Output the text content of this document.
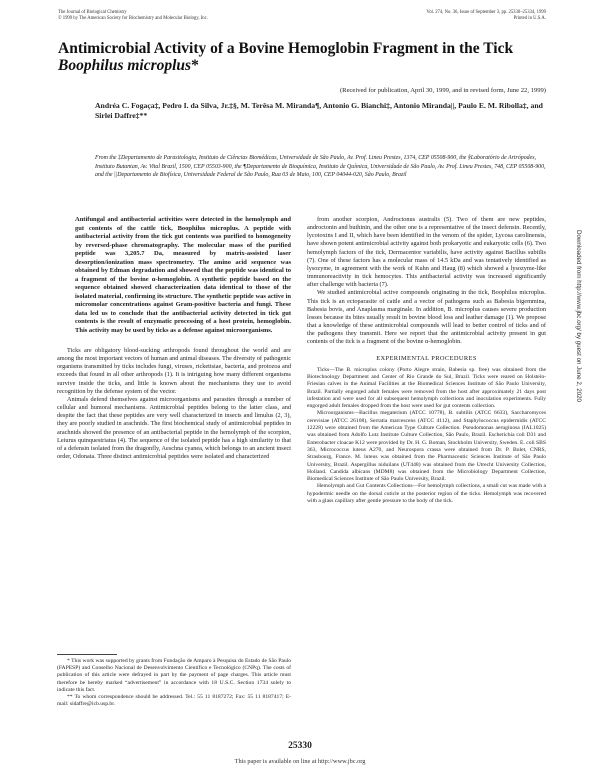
The Journal of Biological Chemistry
© 1999 by The American Society for Biochemistry and Molecular Biology, Inc.
Vol. 274, No. 36, Issue of September 3, pp. 25330–25334, 1999
Printed in U.S.A.
Antimicrobial Activity of a Bovine Hemoglobin Fragment in the Tick Boophilus microplus*
(Received for publication, April 30, 1999, and in revised form, June 22, 1999)
Andréa C. Fogaça‡, Pedro I. da Silva, Jr.‡§, M. Terêsa M. Miranda¶, Antonio G. Bianchi‡, Antonio Miranda||, Paulo E. M. Ribolla‡, and Sirlei Daffre‡**
From the ‡Departamento de Parasitologia, Instituto de Ciências Biomédicas, Universidade de São Paulo, Av. Prof. Lineu Prestes, 1374, CEP 05508-900, the §Laboratório de Artrópodes, Instituto Butantan, Av. Vital Brazil, 1500, CEP 05503-900, the ¶Departamento de Bioquímica, Instituto de Química, Universidade de São Paulo, Av. Prof. Lineu Prestes, 748, CEP 05508-900, and the ||Departamento de Biofísica, Universidade Federal de São Paulo, Rua 03 de Maio, 100, CEP 04044-020, São Paulo, Brazil
Antifungal and antibacterial activities were detected in the hemolymph and gut contents of the cattle tick, Boophilus microplus. A peptide with antibacterial activity from the tick gut contents was purified to homogeneity by reversed-phase chromatography. The molecular mass of the purified peptide was 3,205.7 Da, measured by matrix-assisted laser desorption/ionization mass spectrometry. The amino acid sequence was obtained by Edman degradation and showed that the peptide was identical to a fragment of the bovine α-hemoglobin. A synthetic peptide based on the sequence obtained showed characterization data identical to those of the isolated material, confirming its structure. The synthetic peptide was active in micromolar concentrations against Gram-positive bacteria and fungi. These data led us to conclude that the antibacterial activity detected in tick gut contents is the result of enzymatic processing of a host protein, hemoglobin. This activity may be used by ticks as a defense against microorganisms.

Ticks are obligatory blood-sucking arthropods found throughout the world and are among the most important vectors of human and animal diseases. The diversity of pathogenic organisms transmitted by ticks includes fungi, viruses, rickettsiae, bacteria, and protozoa and exceeds that found in all other arthropods (1). It is intriguing how many different organisms survive inside the ticks, and little is known about the mechanisms they use to avoid recognition by the defense system of the vector.

Animals defend themselves against microorganisms and parasites through a number of cellular and humoral mechanisms. Antimicrobial peptides belong to the latter class, and despite the fact that these peptides are very well characterized in insects and limulus (2, 3), they are poorly studied in arachnids. The first biochemical study of antimicrobial peptides in arachnids showed the presence of an antibacterial peptide in the hemolymph of the scorpion, Leiurus quinquestriatus (4). The sequence of the isolated peptide has a high similarity to that of a defensin isolated from the dragonfly, Aeschna cyanea, which belongs to an ancient insect order, Odonata. Three distinct antimicrobial peptides were isolated and characterized

from another scorpion, Androctonus australis (5). Two of them are new peptides, androctonin and buthinin, and the other one is a representative of the insect defensin. Recently, lycotoxins I and II, which have been identified in the venom of the spider, Lycosa carolinensis, have shown potent antimicrobial activity against both prokaryotic and eukaryotic cells (6). Two hemolymph factors of the tick, Dermacentor variabilis, have activity against Bacillus subtilis (7). One of these factors has a molecular mass of 14.5 kDa and was tentatively identified as lysozyme, in agreement with the work of Kuhn and Haug (8) which showed a lysozyme-like immunoreactivity in tick hemocytes. This antibacterial activity was increased significantly after challenge with bacteria (7).

We studied antimicrobial active compounds originating in the tick, Boophilus microplus. This tick is an ectoparasite of cattle and a vector of pathogens such as Babesia bigemmina, Babesia bovis, and Anaplasma marginale. In addition, B. microplus causes severe production losses because its bites usually result in bovine blood loss and leather damage (1). We propose that a knowledge of these antimicrobial compounds will lead to better control of ticks and of the pathogens they transmit. Here we report that the antimicrobial activity present in gut contents of the tick is a fragment of the bovine α-hemoglobin.

EXPERIMENTAL PROCEDURES

Ticks—The B. microplus colony (Porto Alegre strain, Babesia sp. free) was obtained from the Biotechnology Department and Center of Rio Grande do Sul, Brazil. Ticks were reared on Holstein-Friesian calves in the Animal Facilities at the Biomedical Sciences Institute of São Paulo University, Brazil. Partially engorged adult females were removed from the host after approximately 21 days post infestation and were used for all subsequent hemolymph collections and inoculation experiments. Fully engorged adult females dropped from the host were used for gut contents collection.

Microorganisms—Bacillus megaterium (ATCC 10778), B. subtilis (ATCC 6633), Saccharomyces cerevisiae (ATCC 26108), Serratia marcescens (ATCC 4112), and Staphylococcus epidermidis (ATCC 12228) were obtained from the American Type Culture Collection. Pseudomonas aeruginosa (IAL1025) was obtained from Adolfo Lutz Institute Culture Collection, São Paulo, Brazil. Escherichia coli D31 and Enterobacter cloacae K12 were provided by Dr. H. G. Boman, Stockholm University, Sweden. E. coli SBS 363, Micrococcus luteus A270, and Neurospora crassa were obtained from Dr. P. Bulet, CNRS, Strasbourg, France. M. luteus was obtained from the Pharmaceutic Sciences Institute of São Paulo University, Brazil. Aspergillus niduilans (UT448) was obtained from the Utrecht University Collection, Holland. Candida albicans (MDM8) was obtained from the Microbiology Department Collection, Biomedical Sciences Institute of São Paulo University, Brazil.

Hemolymph and Gut Contents Collections—For hemolymph collections, a small cut was made with a hypodermic needle on the dorsal cuticle at the posterior region of the ticks. Hemolymph was recovered with a glass capillary after gentle pressure to the body of the tick.

* This work was supported by grants from Fundação de Amparo à Pesquisa do Estado de São Paulo (FAPESP) and Conselho Nacional de Desenvolvimento Científico e Tecnológico (CNPq). The costs of publication of this article were defrayed in part by the payment of page charges. This article must therefore be hereby marked “advertisement” in accordance with 18 U.S.C. Section 1734 solely to indicate this fact.

** To whom correspondence should be addressed. Tel.: 55 11 8187272; Fax: 55 11 8187417; E-mail: sidaffre@icb.usp.br.

25330
This paper is available on line at http://www.jbc.org
Downloaded from http://www.jbc.org/ by guest on June 2, 2020
